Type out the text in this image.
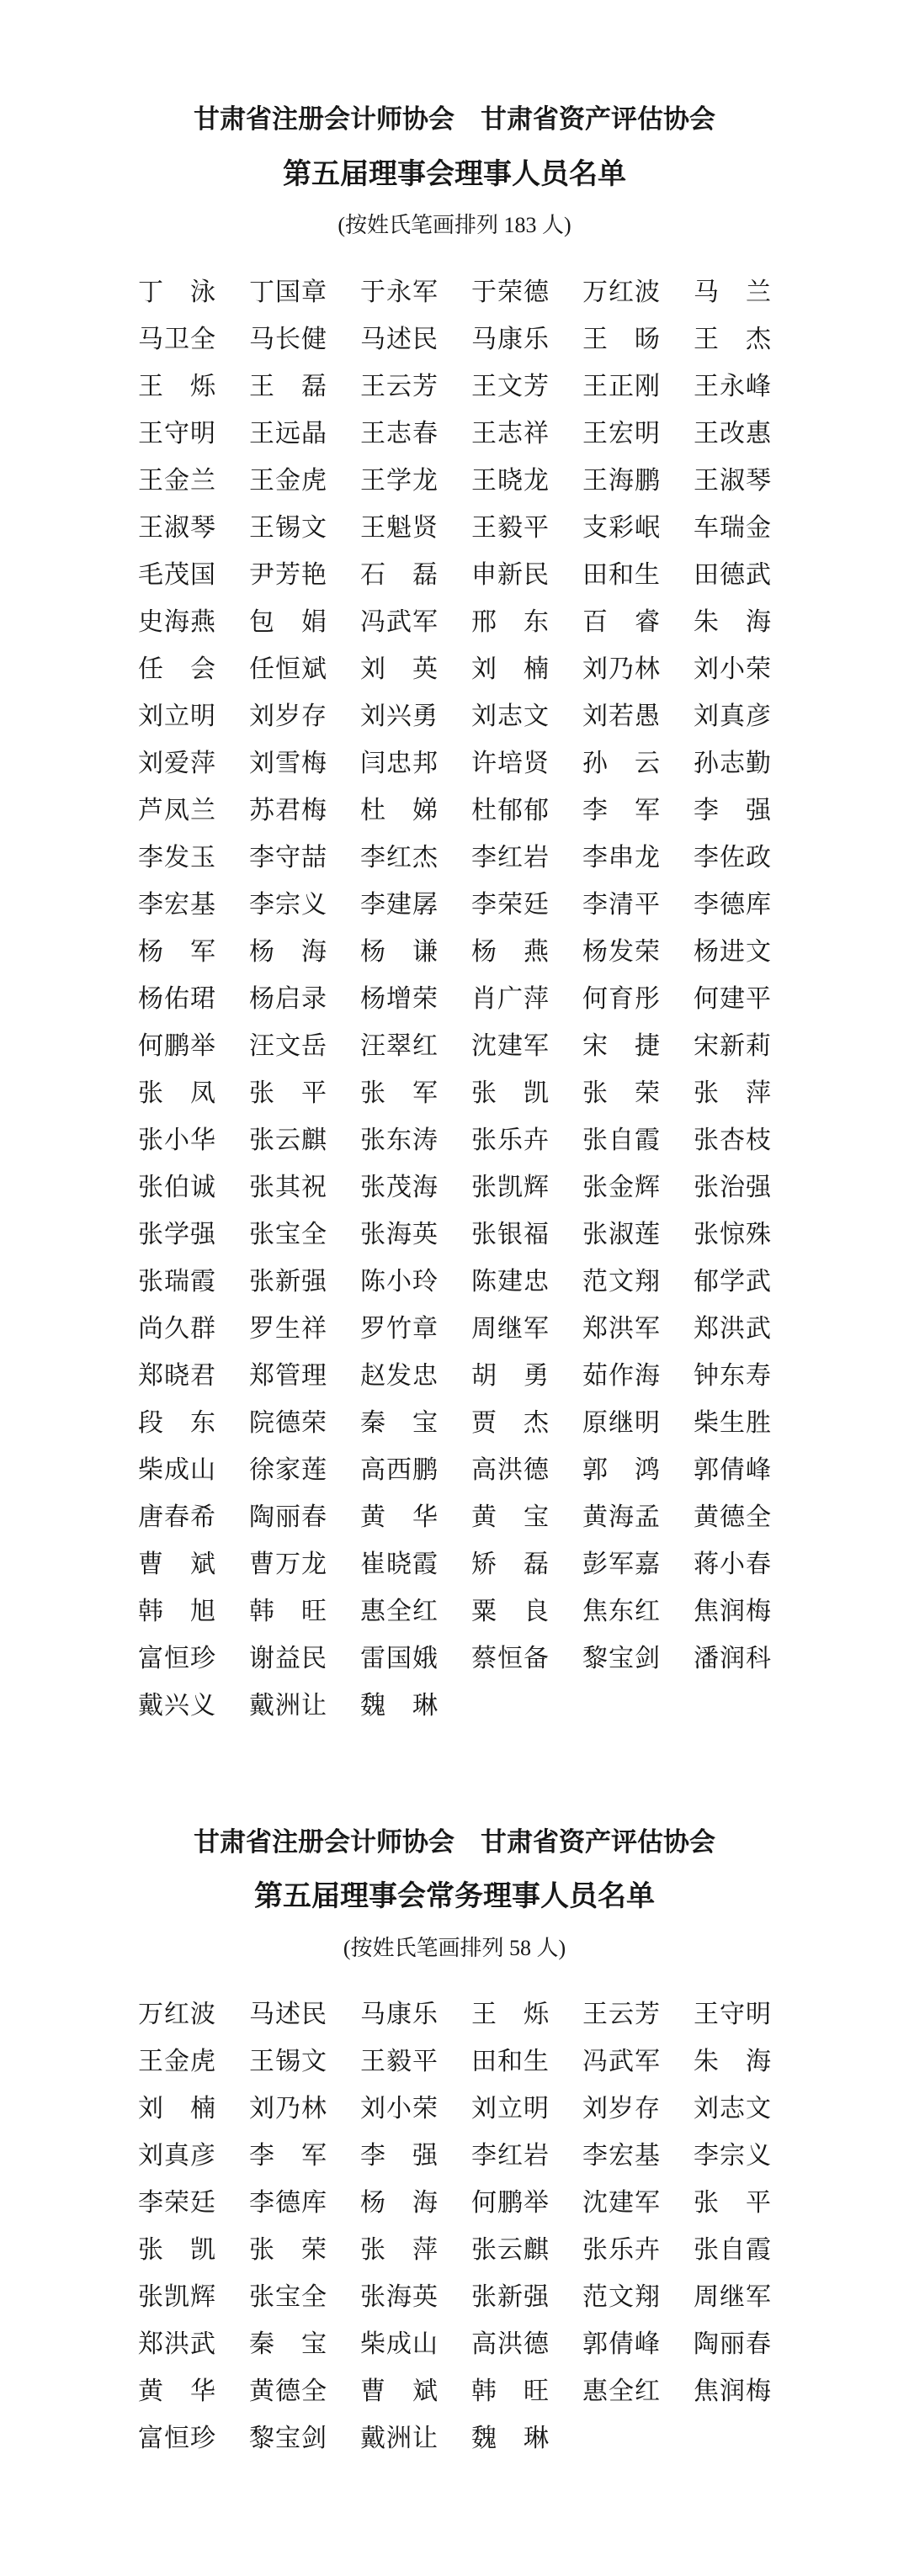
甘肃省注册会计师协会　甘肃省资产评估协会
第五届理事会理事人员名单

(按姓氏笔画排列 183 人)

丁泳 丁国章 于永军 于荣德 万红波 马兰
马卫全 马长健 马述民 马康乐 王旸 王杰
王烁 王磊 王云芳 王文芳 王正刚 王永峰
王守明 王远晶 王志春 王志祥 王宏明 王改惠
王金兰 王金虎 王学龙 王晓龙 王海鹏 王淑琴
王淑琴 王锡文 王魁贤 王毅平 支彩岷 车瑞金
毛茂国 尹芳艳 石磊 申新民 田和生 田德武
史海燕 包娟 冯武军 邢东 百睿 朱海
任会 任恒斌 刘英 刘楠 刘乃林 刘小荣
刘立明 刘岁存 刘兴勇 刘志文 刘若愚 刘真彦
刘爱萍 刘雪梅 闫忠邦 许培贤 孙云 孙志勤
芦凤兰 苏君梅 杜娣 杜郁郁 李军 李强
李发玉 李守喆 李红杰 李红岩 李串龙 李佐政
李宏基 李宗义 李建孱 李荣廷 李清平 李德库
杨军 杨海 杨谦 杨燕 杨发荣 杨进文
杨佑珺 杨启录 杨增荣 肖广萍 何育彤 何建平
何鹏举 汪文岳 汪翠红 沈建军 宋捷 宋新莉
张凤 张平 张军 张凯 张荣 张萍
张小华 张云麒 张东涛 张乐卉 张自霞 张杏枝
张伯诚 张其祝 张茂海 张凯辉 张金辉 张治强
张学强 张宝全 张海英 张银福 张淑莲 张惊殊
张瑞霞 张新强 陈小玲 陈建忠 范文翔 郁学武
尚久群 罗生祥 罗竹章 周继军 郑洪军 郑洪武
郑晓君 郑管理 赵发忠 胡勇 茹作海 钟东寿
段东 院德荣 秦宝 贾杰 原继明 柴生胜
柴成山 徐家莲 高西鹏 高洪德 郭鸿 郭倩峰
唐春希 陶丽春 黄华 黄宝 黄海孟 黄德全
曹斌 曹万龙 崔晓霞 矫磊 彭军嘉 蒋小春
韩旭 韩旺 惠全红 粟良 焦东红 焦润梅
富恒珍 谢益民 雷国娥 蔡恒备 黎宝剑 潘润科
戴兴义 戴洲让 魏琳
甘肃省注册会计师协会　甘肃省资产评估协会
第五届理事会常务理事人员名单

(按姓氏笔画排列 58 人)

万红波 马述民 马康乐 王烁 王云芳 王守明
王金虎 王锡文 王毅平 田和生 冯武军 朱海
刘楠 刘乃林 刘小荣 刘立明 刘岁存 刘志文
刘真彦 李军 李强 李红岩 李宏基 李宗义
李荣廷 李德库 杨海 何鹏举 沈建军 张平
张凯 张荣 张萍 张云麒 张乐卉 张自霞
张凯辉 张宝全 张海英 张新强 范文翔 周继军
郑洪武 秦宝 柴成山 高洪德 郭倩峰 陶丽春
黄华 黄德全 曹斌 韩旺 惠全红 焦润梅
富恒珍 黎宝剑 戴洲让 魏琳
